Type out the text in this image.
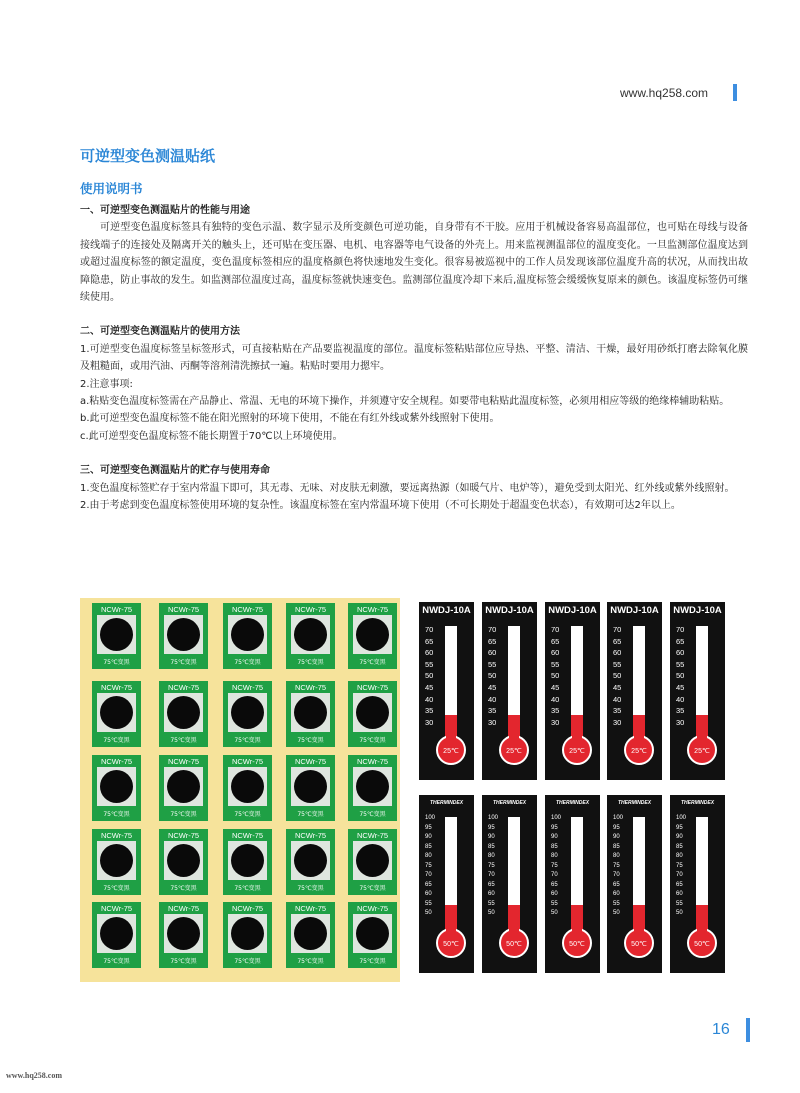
www.hq258.com
可逆型变色测温贴纸
使用说明书
一、可逆型变色测温贴片的性能与用途

可逆型变色温度标签具有独特的变色示温、数字显示及所变颜色可逆功能，自身带有不干胶。应用于机械设备容易高温部位，也可贴在母线与设备接线端子的连接处及隔离开关的触头上，还可贴在变压器、电机、电容器等电气设备的外壳上。用来监视测温部位的温度变化。一旦监测部位温度达到或超过温度标签的额定温度，变色温度标签相应的温度格颜色将快速地发生变化。很容易被巡视中的工作人员发现该部位温度升高的状况，从而找出故障隐患，防止事故的发生。如监测部位温度过高，温度标签就快速变色。监测部位温度冷却下来后,温度标签会缓缓恢复原来的颜色。该温度标签仍可继续使用。

二、可逆型变色测温贴片的使用方法

1.可逆型变色温度标签呈标签形式，可直接粘贴在产品要监视温度的部位。温度标签粘贴部位应导热、平整、清洁、干燥，最好用砂纸打磨去除氧化膜及粗糙面，或用汽油、丙酮等溶剂清洗擦拭一遍。粘贴时要用力摁牢。

2.注意事项:

a.粘贴变色温度标签需在产品静止、常温、无电的环境下操作，并须遵守安全规程。如要带电粘贴此温度标签，必须用相应等级的绝缘棒辅助粘贴。

b.此可逆型变色温度标签不能在阳光照射的环境下使用，不能在有红外线或紫外线照射下使用。

c.此可逆型变色温度标签不能长期置于70℃以上环境使用。

三、可逆型变色测温贴片的贮存与使用寿命

1.变色温度标签贮存于室内常温下即可，其无毒、无味、对皮肤无刺激，要远离热源（如暖气片、电炉等），避免受到太阳光、红外线或紫外线照射。

2.由于考虑到变色温度标签使用环境的复杂性。该温度标签在室内常温环境下使用（不可长期处于超温变色状态），有效期可达2年以上。

NCWr-75
75℃变黑
NCWr-75
75℃变黑
NCWr-75
75℃变黑
NCWr-75
75℃变黑
NCWr-75
75℃变黑
NCWr-75
75℃变黑
NCWr-75
75℃变黑
NCWr-75
75℃变黑
NCWr-75
75℃变黑
NCWr-75
75℃变黑
NCWr-75
75℃变黑
NCWr-75
75℃变黑
NCWr-75
75℃变黑
NCWr-75
75℃变黑
NCWr-75
75℃变黑
NCWr-75
75℃变黑
NCWr-75
75℃变黑
NCWr-75
75℃变黑
NCWr-75
75℃变黑
NCWr-75
75℃变黑
NCWr-75
75℃变黑
NCWr-75
75℃变黑
NCWr-75
75℃变黑
NCWr-75
75℃变黑
NCWr-75
75℃变黑
NWDJ-10A
70
65
60
55
50
45
40
35
30
25℃
NWDJ-10A
70
65
60
55
50
45
40
35
30
25℃
NWDJ-10A
70
65
60
55
50
45
40
35
30
25℃
NWDJ-10A
70
65
60
55
50
45
40
35
30
25℃
NWDJ-10A
70
65
60
55
50
45
40
35
30
25℃
THERMINDEX
100
95
90
85
80
75
70
65
60
55
50
50℃
THERMINDEX
100
95
90
85
80
75
70
65
60
55
50
50℃
THERMINDEX
100
95
90
85
80
75
70
65
60
55
50
50℃
THERMINDEX
100
95
90
85
80
75
70
65
60
55
50
50℃
THERMINDEX
100
95
90
85
80
75
70
65
60
55
50
50℃
16
www.hq258.com
